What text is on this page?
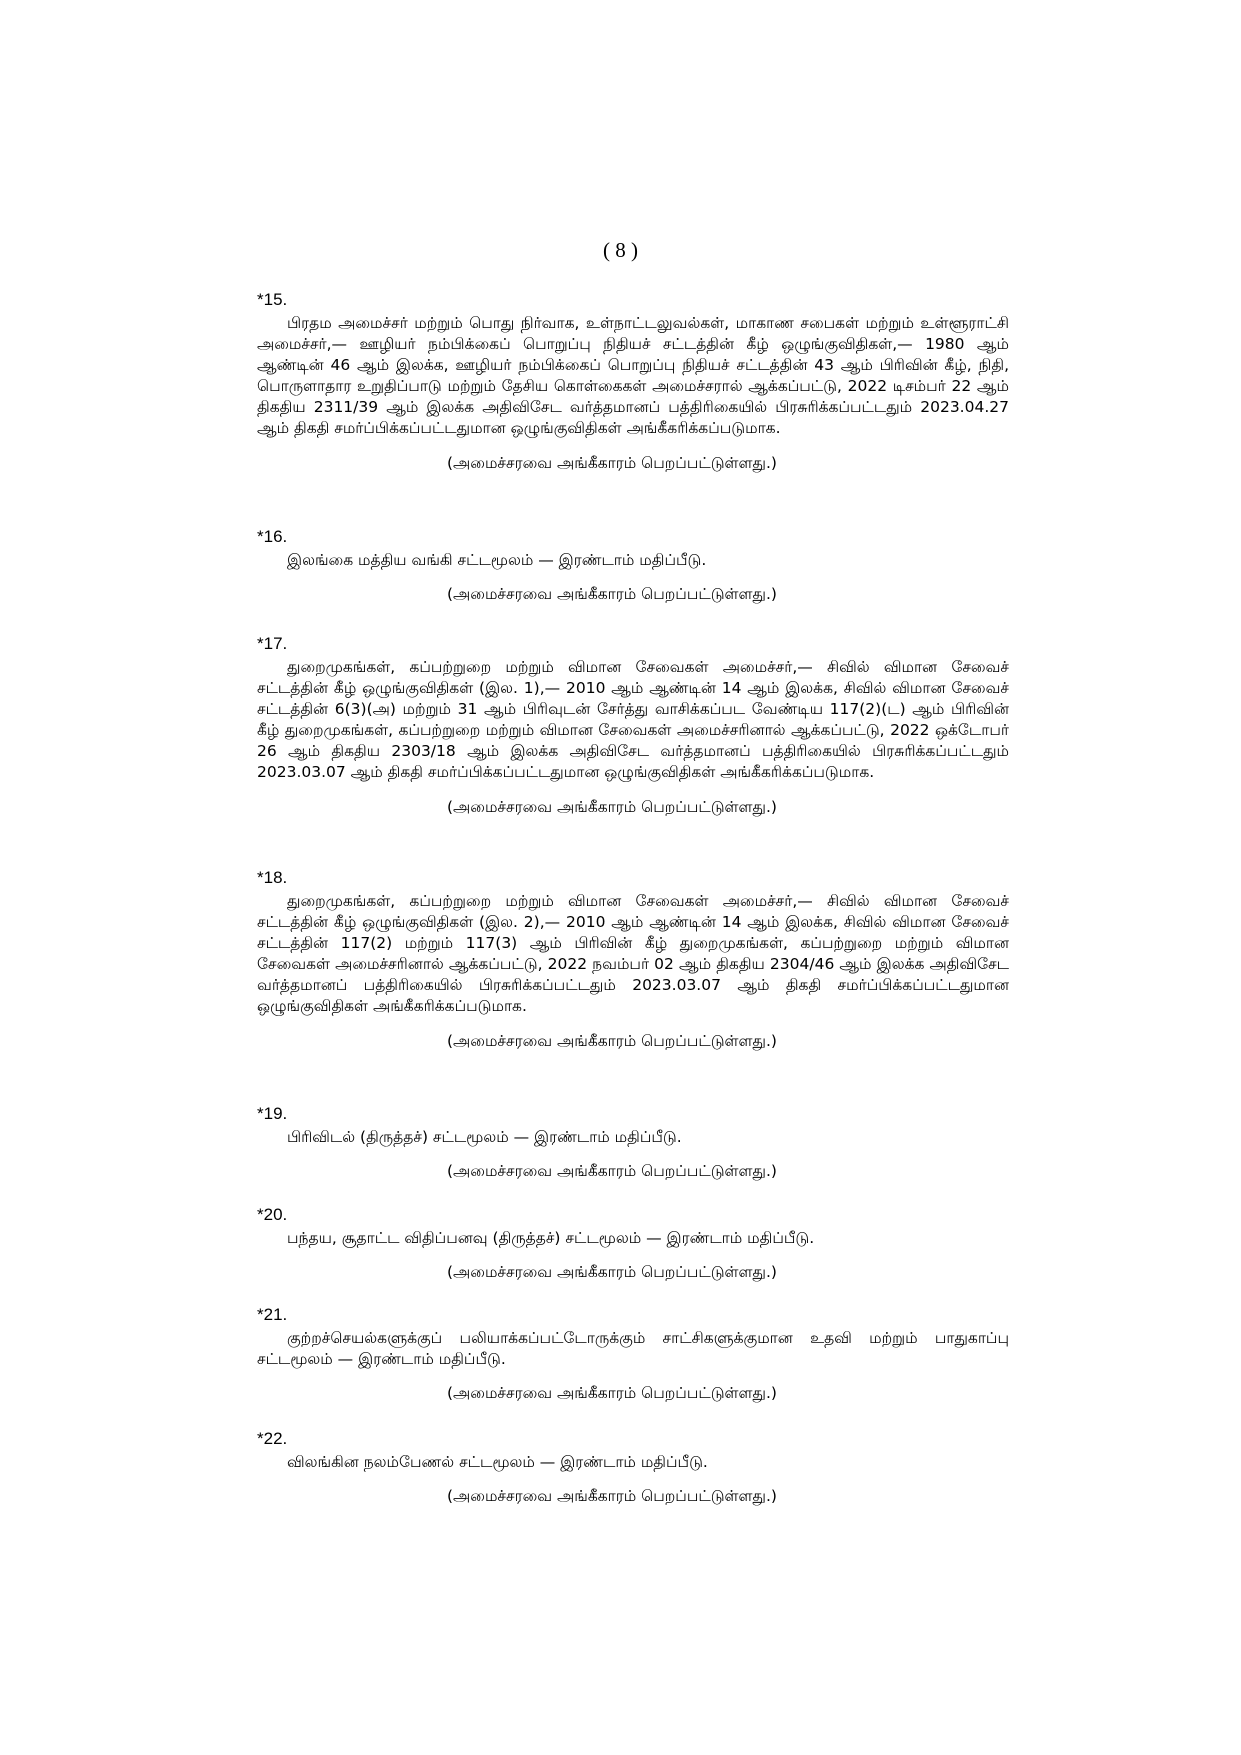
( 8 )

*15.

பிரதம அமைச்சர் மற்றும் பொது நிர்வாக, உள்நாட்டலுவல்கள், மாகாண சபைகள் மற்றும் உள்ளூராட்சி அமைச்சர்,— ஊழியர் நம்பிக்கைப் பொறுப்பு நிதியச் சட்டத்தின் கீழ் ஒழுங்குவிதிகள்,— 1980 ஆம் ஆண்டின் 46 ஆம் இலக்க, ஊழியர் நம்பிக்கைப் பொறுப்பு நிதியச் சட்டத்தின் 43 ஆம் பிரிவின் கீழ், நிதி, பொருளாதார உறுதிப்பாடு மற்றும் தேசிய கொள்கைகள் அமைச்சரால் ஆக்கப்பட்டு, 2022 டிசம்பர் 22 ஆம் திகதிய 2311/39 ஆம் இலக்க அதிவிசேட வர்த்தமானப் பத்திரிகையில் பிரசுரிக்கப்பட்டதும் 2023.04.27 ஆம் திகதி சமர்ப்பிக்கப்பட்டதுமான ஒழுங்குவிதிகள் அங்கீகரிக்கப்படுமாக.

(அமைச்சரவை அங்கீகாரம் பெறப்பட்டுள்ளது.)

*16.

இலங்கை மத்திய வங்கி சட்டமூலம் — இரண்டாம் மதிப்பீடு.

(அமைச்சரவை அங்கீகாரம் பெறப்பட்டுள்ளது.)

*17.

துறைமுகங்கள், கப்பற்றுறை மற்றும் விமான சேவைகள் அமைச்சர்,— சிவில் விமான சேவைச் சட்டத்தின் கீழ் ஒழுங்குவிதிகள் (இல. 1),— 2010 ஆம் ஆண்டின் 14 ஆம் இலக்க, சிவில் விமான சேவைச் சட்டத்தின் 6(3)(அ) மற்றும் 31 ஆம் பிரிவுடன் சேர்த்து வாசிக்கப்பட வேண்டிய 117(2)(ட) ஆம் பிரிவின் கீழ் துறைமுகங்கள், கப்பற்றுறை மற்றும் விமான சேவைகள் அமைச்சரினால் ஆக்கப்பட்டு, 2022 ஒக்டோபர் 26 ஆம் திகதிய 2303/18 ஆம் இலக்க அதிவிசேட வர்த்தமானப் பத்திரிகையில் பிரசுரிக்கப்பட்டதும் 2023.03.07 ஆம் திகதி சமர்ப்பிக்கப்பட்டதுமான ஒழுங்குவிதிகள் அங்கீகரிக்கப்படுமாக.

(அமைச்சரவை அங்கீகாரம் பெறப்பட்டுள்ளது.)

*18.

துறைமுகங்கள், கப்பற்றுறை மற்றும் விமான சேவைகள் அமைச்சர்,— சிவில் விமான சேவைச் சட்டத்தின் கீழ் ஒழுங்குவிதிகள் (இல. 2),— 2010 ஆம் ஆண்டின் 14 ஆம் இலக்க, சிவில் விமான சேவைச் சட்டத்தின் 117(2) மற்றும் 117(3) ஆம் பிரிவின் கீழ் துறைமுகங்கள், கப்பற்றுறை மற்றும் விமான சேவைகள் அமைச்சரினால் ஆக்கப்பட்டு, 2022 நவம்பர் 02 ஆம் திகதிய 2304/46 ஆம் இலக்க அதிவிசேட வர்த்தமானப் பத்திரிகையில் பிரசுரிக்கப்பட்டதும் 2023.03.07 ஆம் திகதி சமர்ப்பிக்கப்பட்டதுமான ஒழுங்குவிதிகள் அங்கீகரிக்கப்படுமாக.

(அமைச்சரவை அங்கீகாரம் பெறப்பட்டுள்ளது.)

*19.

பிரிவிடல் (திருத்தச்) சட்டமூலம் — இரண்டாம் மதிப்பீடு.

(அமைச்சரவை அங்கீகாரம் பெறப்பட்டுள்ளது.)

*20.

பந்தய, சூதாட்ட விதிப்பனவு (திருத்தச்) சட்டமூலம் — இரண்டாம் மதிப்பீடு.

(அமைச்சரவை அங்கீகாரம் பெறப்பட்டுள்ளது.)

*21.

குற்றச்செயல்களுக்குப் பலியாக்கப்பட்டோருக்கும் சாட்சிகளுக்குமான உதவி மற்றும் பாதுகாப்பு சட்டமூலம் — இரண்டாம் மதிப்பீடு.

(அமைச்சரவை அங்கீகாரம் பெறப்பட்டுள்ளது.)

*22.

விலங்கின நலம்பேணல் சட்டமூலம் — இரண்டாம் மதிப்பீடு.

(அமைச்சரவை அங்கீகாரம் பெறப்பட்டுள்ளது.)
